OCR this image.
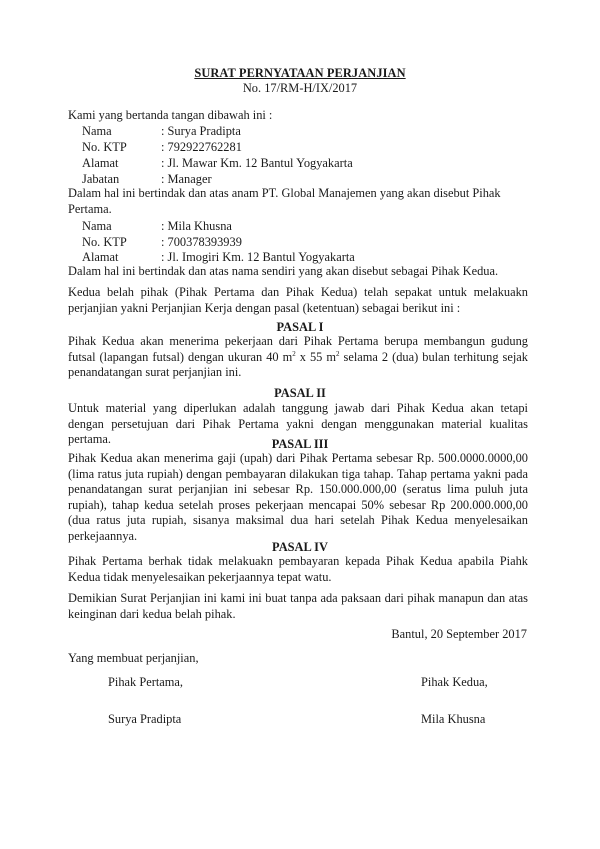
SURAT PERNYATAAN PERJANJIAN
No. 17/RM-H/IX/2017
Kami yang bertanda tangan dibawah ini :
Nama	: Surya Pradipta
No. KTP	: 792922762281
Alamat	: Jl. Mawar Km. 12 Bantul Yogyakarta
Jabatan	: Manager
Dalam hal ini bertindak dan atas anam PT. Global Manajemen yang akan disebut Pihak Pertama.
Nama	: Mila Khusna
No. KTP	: 700378393939
Alamat	: Jl. Imogiri Km. 12 Bantul Yogyakarta
Dalam hal ini bertindak dan atas nama sendiri yang akan disebut sebagai Pihak Kedua.
Kedua belah pihak (Pihak Pertama dan Pihak Kedua) telah sepakat untuk melakuakn perjanjian yakni Perjanjian Kerja dengan pasal (ketentuan) sebagai berikut ini :
PASAL I
Pihak Kedua akan menerima pekerjaan dari Pihak Pertama berupa membangun gudung futsal (lapangan futsal) dengan ukuran 40 $m^2$ x 55 $m^2$ selama 2 (dua) bulan terhitung sejak penandatangan surat perjanjian ini.
PASAL II
Untuk material yang diperlukan adalah tanggung jawab dari Pihak Kedua akan tetapi dengan persetujuan dari Pihak Pertama yakni dengan menggunakan material kualitas pertama.	PASAL III
Pihak Kedua akan menerima gaji (upah) dari Pihak Pertama sebesar Rp. 500.0000.0000,00 (lima ratus juta rupiah) dengan pembayaran dilakukan tiga tahap. Tahap pertama yakni pada penandatangan surat perjanjian ini sebesar Rp. 150.000.000,00 (seratus lima puluh juta rupiah), tahap kedua setelah proses pekerjaan mencapai 50% sebesar Rp 200.000.000,00 (dua ratus juta rupiah, sisanya maksimal dua hari setelah Pihak Kedua menyelesaikan perkejaannya.
PASAL IV
Pihak Pertama berhak tidak melakuakn pembayaran kepada Pihak Kedua apabila Piahk Kedua tidak menyelesaikan pekerjaannya tepat watu.
Demikian Surat Perjanjian ini kami ini buat tanpa ada paksaan dari pihak manapun dan atas keinginan dari kedua belah pihak.
Bantul, 20 September 2017
Yang membuat perjanjian,
Pihak Pertama,	Pihak Kedua,
Surya Pradipta	Mila Khusna
